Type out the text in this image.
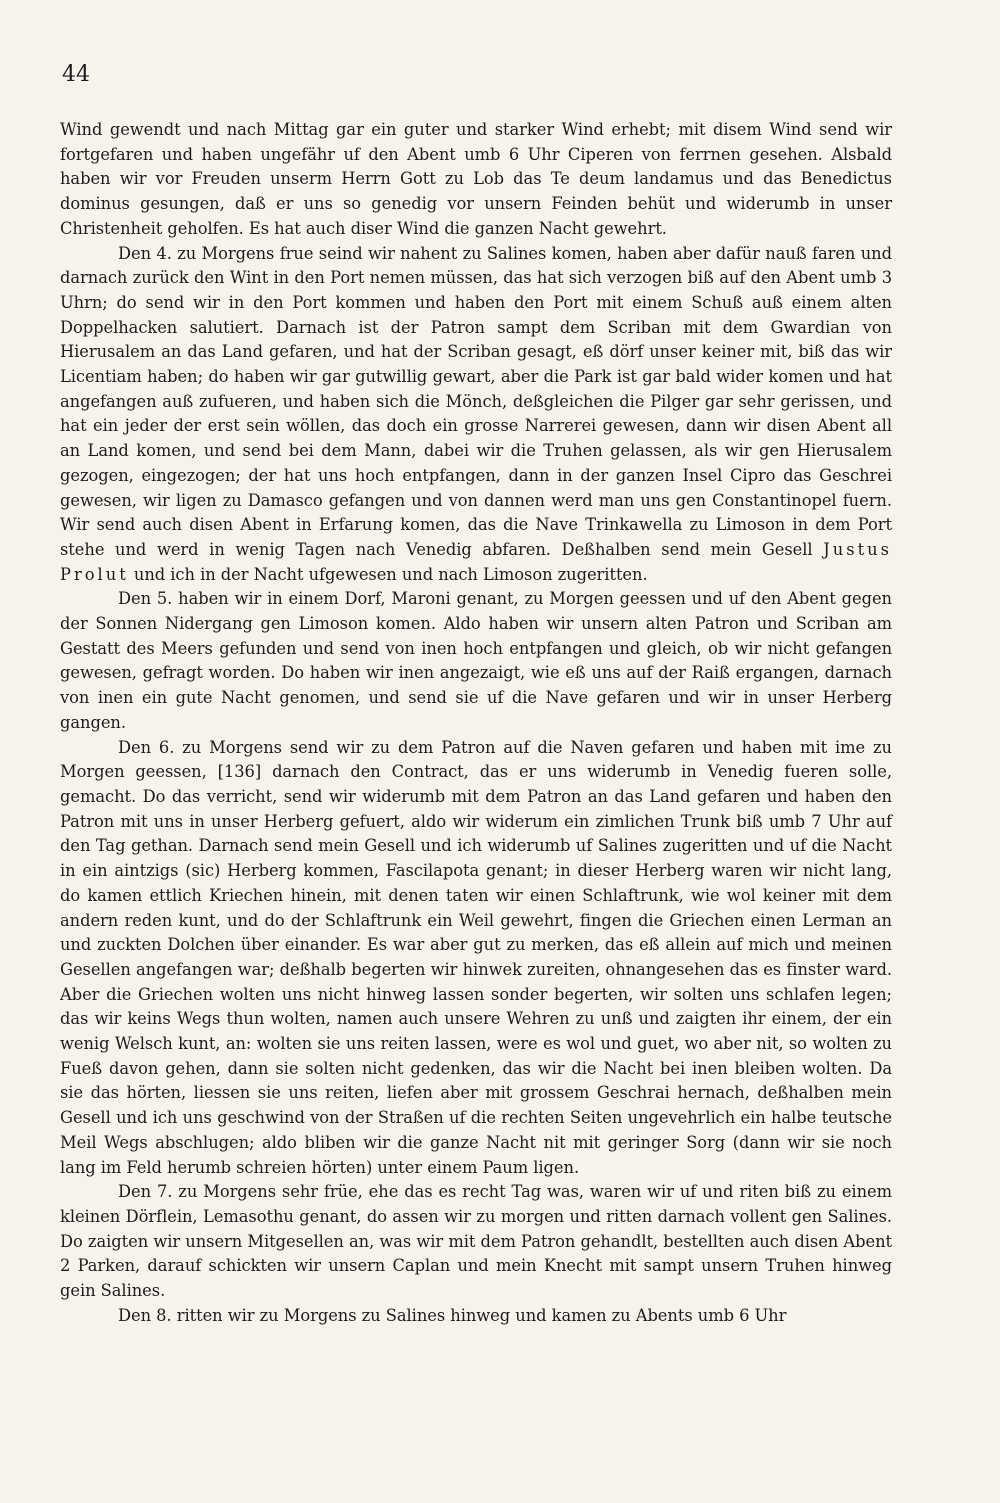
44

Wind gewendt und nach Mittag gar ein guter und starker Wind erhebt; mit disem Wind send wir fortgefaren und haben ungefähr uf den Abent umb 6 Uhr Ciperen von ferrnen gesehen. Alsbald haben wir vor Freuden unserm Herrn Gott zu Lob das Te deum landamus und das Benedictus dominus gesungen, daß er uns so genedig vor unsern Feinden behüt und widerumb in unser Christenheit geholfen. Es hat auch diser Wind die ganzen Nacht gewehrt.

Den 4. zu Morgens frue seind wir nahent zu Salines komen, haben aber dafür nauß faren und darnach zurück den Wint in den Port nemen müssen, das hat sich verzogen biß auf den Abent umb 3 Uhrn; do send wir in den Port kommen und haben den Port mit einem Schuß auß einem alten Doppelhacken salutiert. Darnach ist der Patron sampt dem Scriban mit dem Gwardian von Hierusalem an das Land gefaren, und hat der Scriban gesagt, eß dörf unser keiner mit, biß das wir Licentiam haben; do haben wir gar gutwillig gewart, aber die Park ist gar bald wider komen und hat angefangen auß zufueren, und haben sich die Mönch, deßgleichen die Pilger gar sehr gerissen, und hat ein jeder der erst sein wöllen, das doch ein grosse Narrerei gewesen, dann wir disen Abent all an Land komen, und send bei dem Mann, dabei wir die Truhen gelassen, als wir gen Hierusalem gezogen, eingezogen; der hat uns hoch entpfangen, dann in der ganzen Insel Cipro das Geschrei gewesen, wir ligen zu Damasco gefangen und von dannen werd man uns gen Constantinopel fuern. Wir send auch disen Abent in Erfarung komen, das die Nave Trinkawella zu Limoson in dem Port stehe und werd in wenig Tagen nach Venedig abfaren. Deßhalben send mein Gesell Justus Prolut und ich in der Nacht ufgewesen und nach Limoson zugeritten.

Den 5. haben wir in einem Dorf, Maroni genant, zu Morgen geessen und uf den Abent gegen der Sonnen Nidergang gen Limoson komen. Aldo haben wir unsern alten Patron und Scriban am Gestatt des Meers gefunden und send von inen hoch entpfangen und gleich, ob wir nicht gefangen gewesen, gefragt worden. Do haben wir inen angezaigt, wie eß uns auf der Raiß ergangen, darnach von inen ein gute Nacht genomen, und send sie uf die Nave gefaren und wir in unser Herberg gangen.

Den 6. zu Morgens send wir zu dem Patron auf die Naven gefaren und haben mit ime zu Morgen geessen, [136] darnach den Contract, das er uns widerumb in Venedig fueren solle, gemacht. Do das verricht, send wir widerumb mit dem Patron an das Land gefaren und haben den Patron mit uns in unser Herberg gefuert, aldo wir widerum ein zimlichen Trunk biß umb 7 Uhr auf den Tag gethan. Darnach send mein Gesell und ich widerumb uf Salines zugeritten und uf die Nacht in ein aintzigs (sic) Herberg kommen, Fascilapota genant; in dieser Herberg waren wir nicht lang, do kamen ettlich Kriechen hinein, mit denen taten wir einen Schlaftrunk, wie wol keiner mit dem andern reden kunt, und do der Schlaftrunk ein Weil gewehrt, fingen die Griechen einen Lerman an und zuckten Dolchen über einander. Es war aber gut zu merken, das eß allein auf mich und meinen Gesellen angefangen war; deßhalb begerten wir hinwek zureiten, ohnangesehen das es finster ward. Aber die Griechen wolten uns nicht hinweg lassen sonder begerten, wir solten uns schlafen legen; das wir keins Wegs thun wolten, namen auch unsere Wehren zu unß und zaigten ihr einem, der ein wenig Welsch kunt, an: wolten sie uns reiten lassen, were es wol und guet, wo aber nit, so wolten zu Fueß davon gehen, dann sie solten nicht gedenken, das wir die Nacht bei inen bleiben wolten. Da sie das hörten, liessen sie uns reiten, liefen aber mit grossem Geschrai hernach, deßhalben mein Gesell und ich uns geschwind von der Straßen uf die rechten Seiten ungevehrlich ein halbe teutsche Meil Wegs abschlugen; aldo bliben wir die ganze Nacht nit mit geringer Sorg (dann wir sie noch lang im Feld herumb schreien hörten) unter einem Paum ligen.

Den 7. zu Morgens sehr früe, ehe das es recht Tag was, waren wir uf und riten biß zu einem kleinen Dörflein, Lemasothu genant, do assen wir zu morgen und ritten darnach vollent gen Salines. Do zaigten wir unsern Mitgesellen an, was wir mit dem Patron gehandlt, bestellten auch disen Abent 2 Parken, darauf schickten wir unsern Caplan und mein Knecht mit sampt unsern Truhen hinweg gein Salines.

Den 8. ritten wir zu Morgens zu Salines hinweg und kamen zu Abents umb 6 Uhr
